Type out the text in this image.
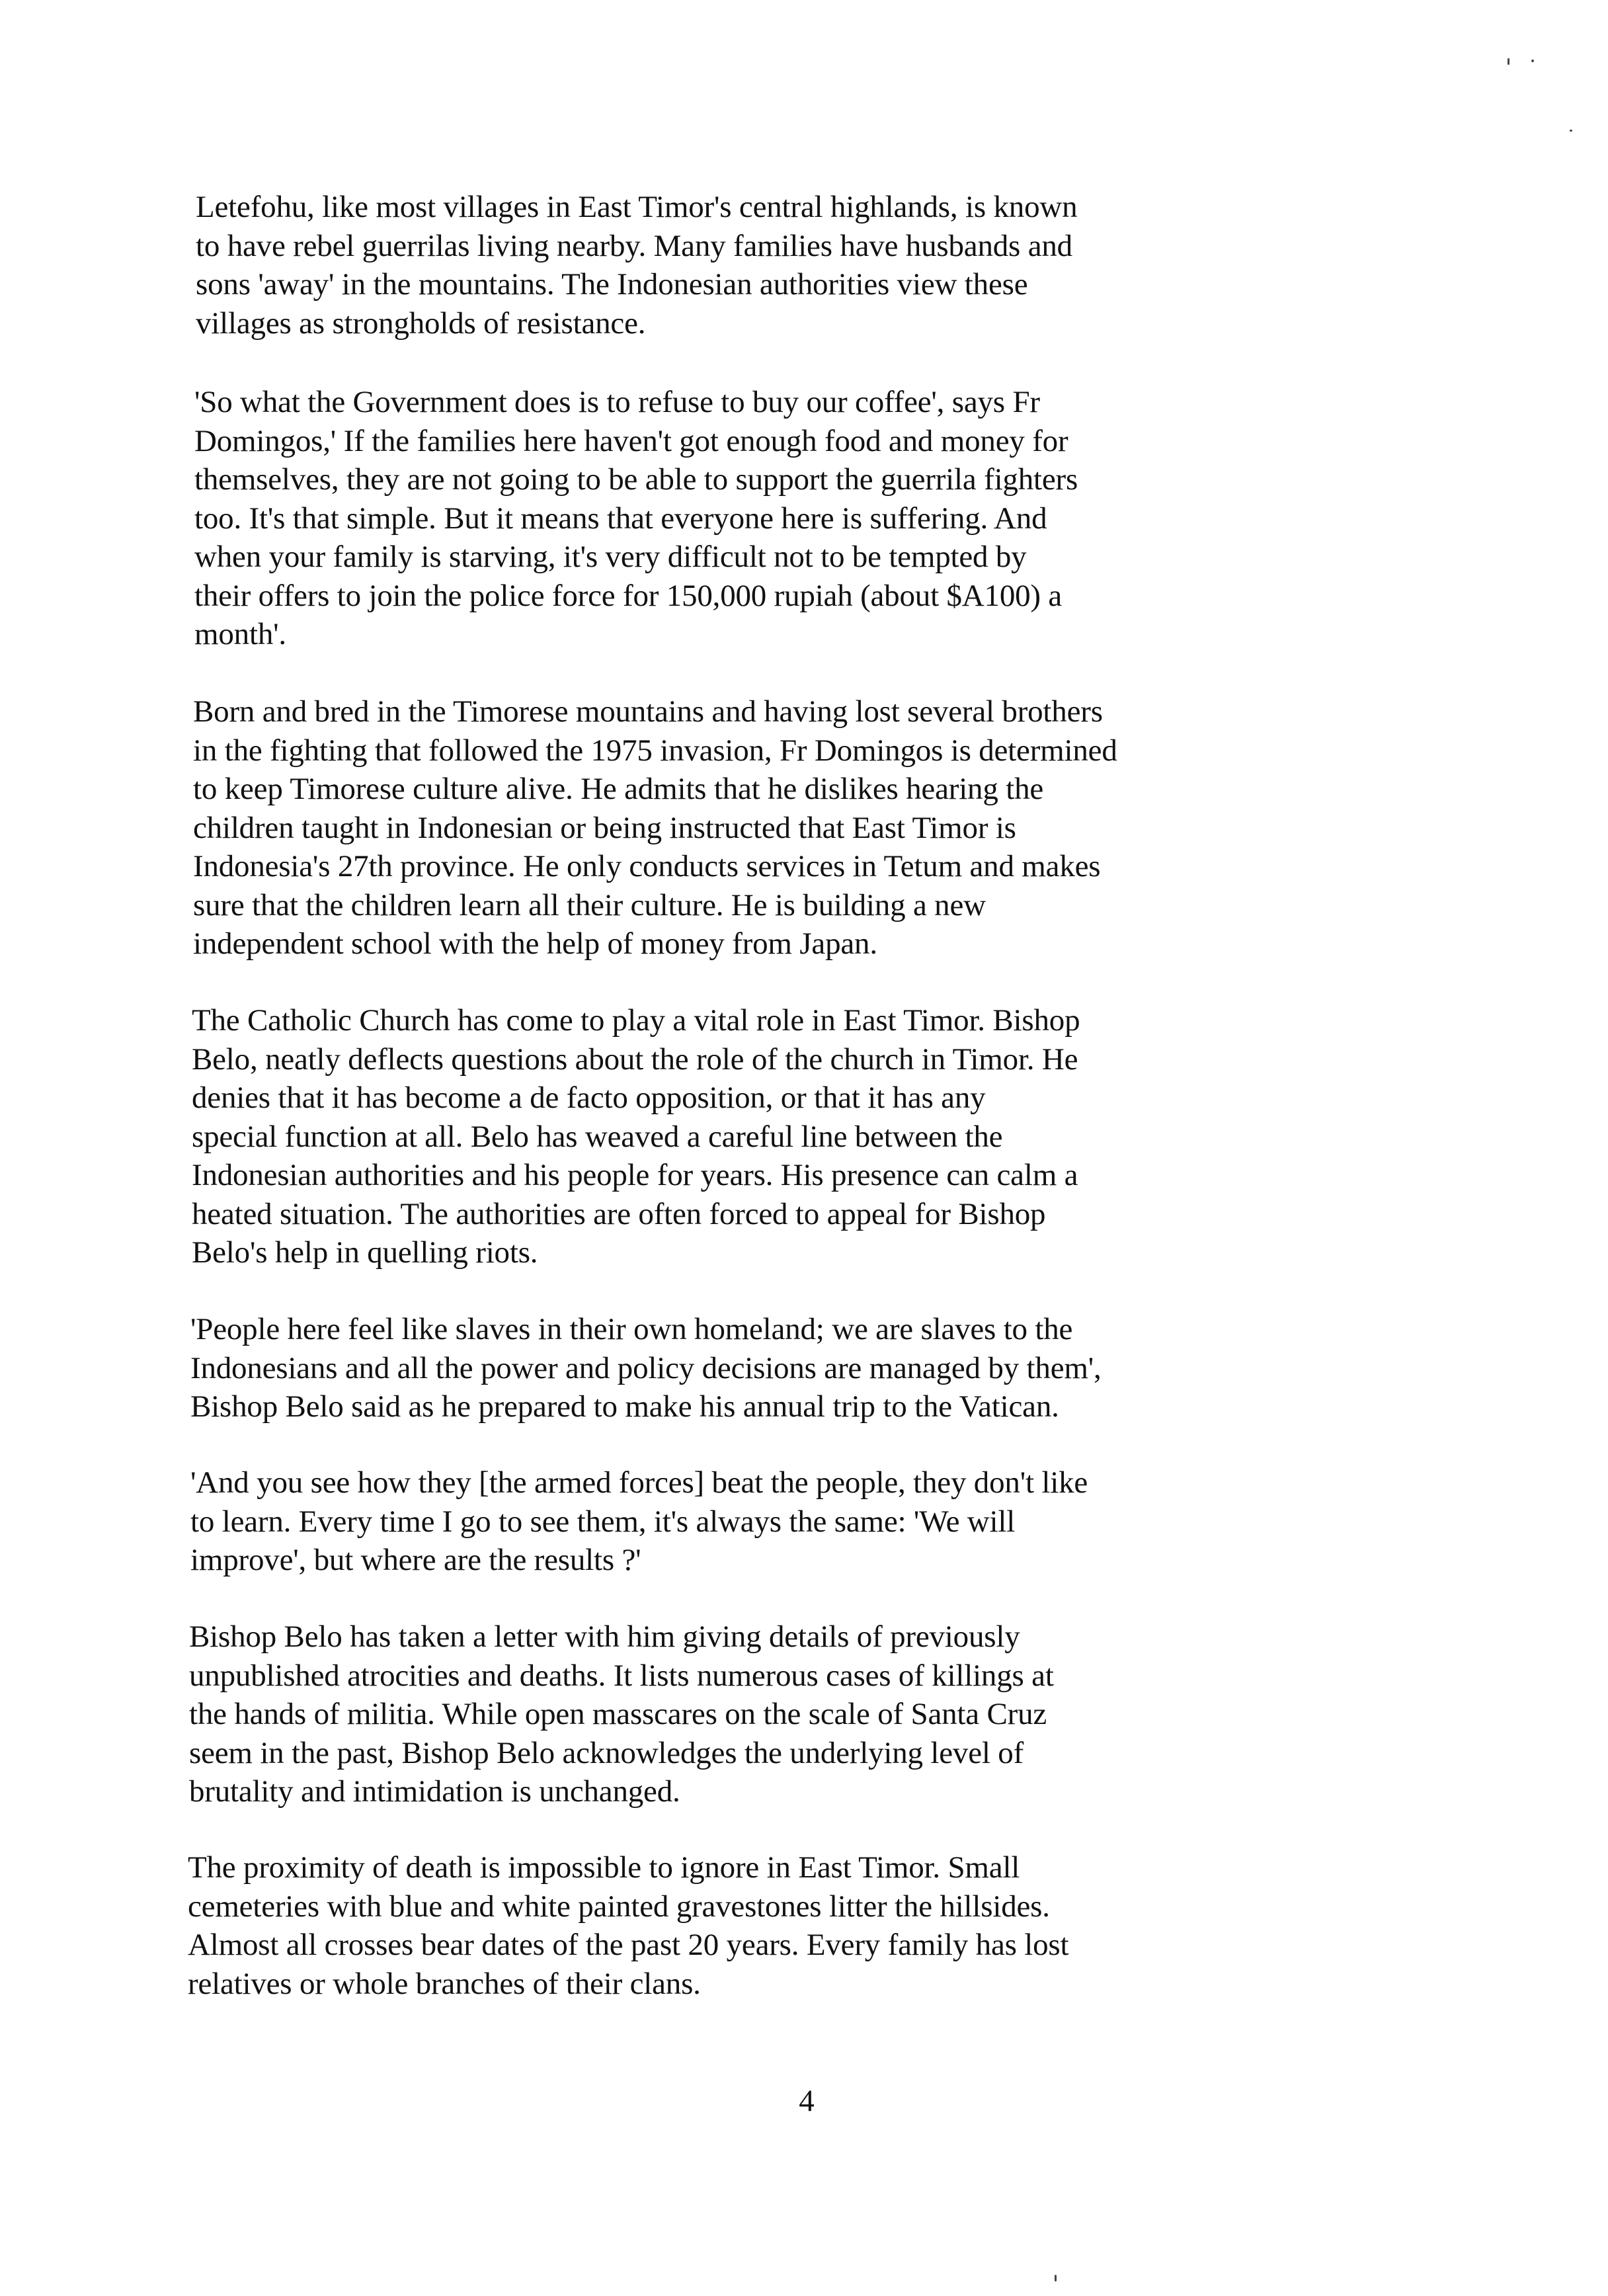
Letefohu, like most villages in East Timor's central highlands, is known
to have rebel guerrilas living nearby. Many families have husbands and
sons 'away' in the mountains. The Indonesian authorities view these
villages as strongholds of resistance.

'So what the Government does is to refuse to buy our coffee', says Fr
Domingos,' If the families here haven't got enough food and money for
themselves, they are not going to be able to support the guerrila fighters
too. It's that simple. But it means that everyone here is suffering. And
when your family is starving, it's very difficult not to be tempted by
their offers to join the police force for 150,000 rupiah (about $A100) a
month'.

Born and bred in the Timorese mountains and having lost several brothers
in the fighting that followed the 1975 invasion, Fr Domingos is determined
to keep Timorese culture alive. He admits that he dislikes hearing the
children taught in Indonesian or being instructed that East Timor is
Indonesia's 27th province. He only conducts services in Tetum and makes
sure that the children learn all their culture. He is building a new
independent school with the help of money from Japan.

The Catholic Church has come to play a vital role in East Timor. Bishop
Belo, neatly deflects questions about the role of the church in Timor. He
denies that it has become a de facto opposition, or that it has any
special function at all. Belo has weaved a careful line between the
Indonesian authorities and his people for years. His presence can calm a
heated situation. The authorities are often forced to appeal for Bishop
Belo's help in quelling riots.

'People here feel like slaves in their own homeland; we are slaves to the
Indonesians and all the power and policy decisions are managed by them',
Bishop Belo said as he prepared to make his annual trip to the Vatican.

'And you see how they [the armed forces] beat the people, they don't like
to learn. Every time I go to see them, it's always the same: 'We will
improve', but where are the results ?'

Bishop Belo has taken a letter with him giving details of previously
unpublished atrocities and deaths. It lists numerous cases of killings at
the hands of militia. While open masscares on the scale of Santa Cruz
seem in the past, Bishop Belo acknowledges the underlying level of
brutality and intimidation is unchanged.

The proximity of death is impossible to ignore in East Timor. Small
cemeteries with blue and white painted gravestones litter the hillsides.
Almost all crosses bear dates of the past 20 years. Every family has lost
relatives or whole branches of their clans.

4
